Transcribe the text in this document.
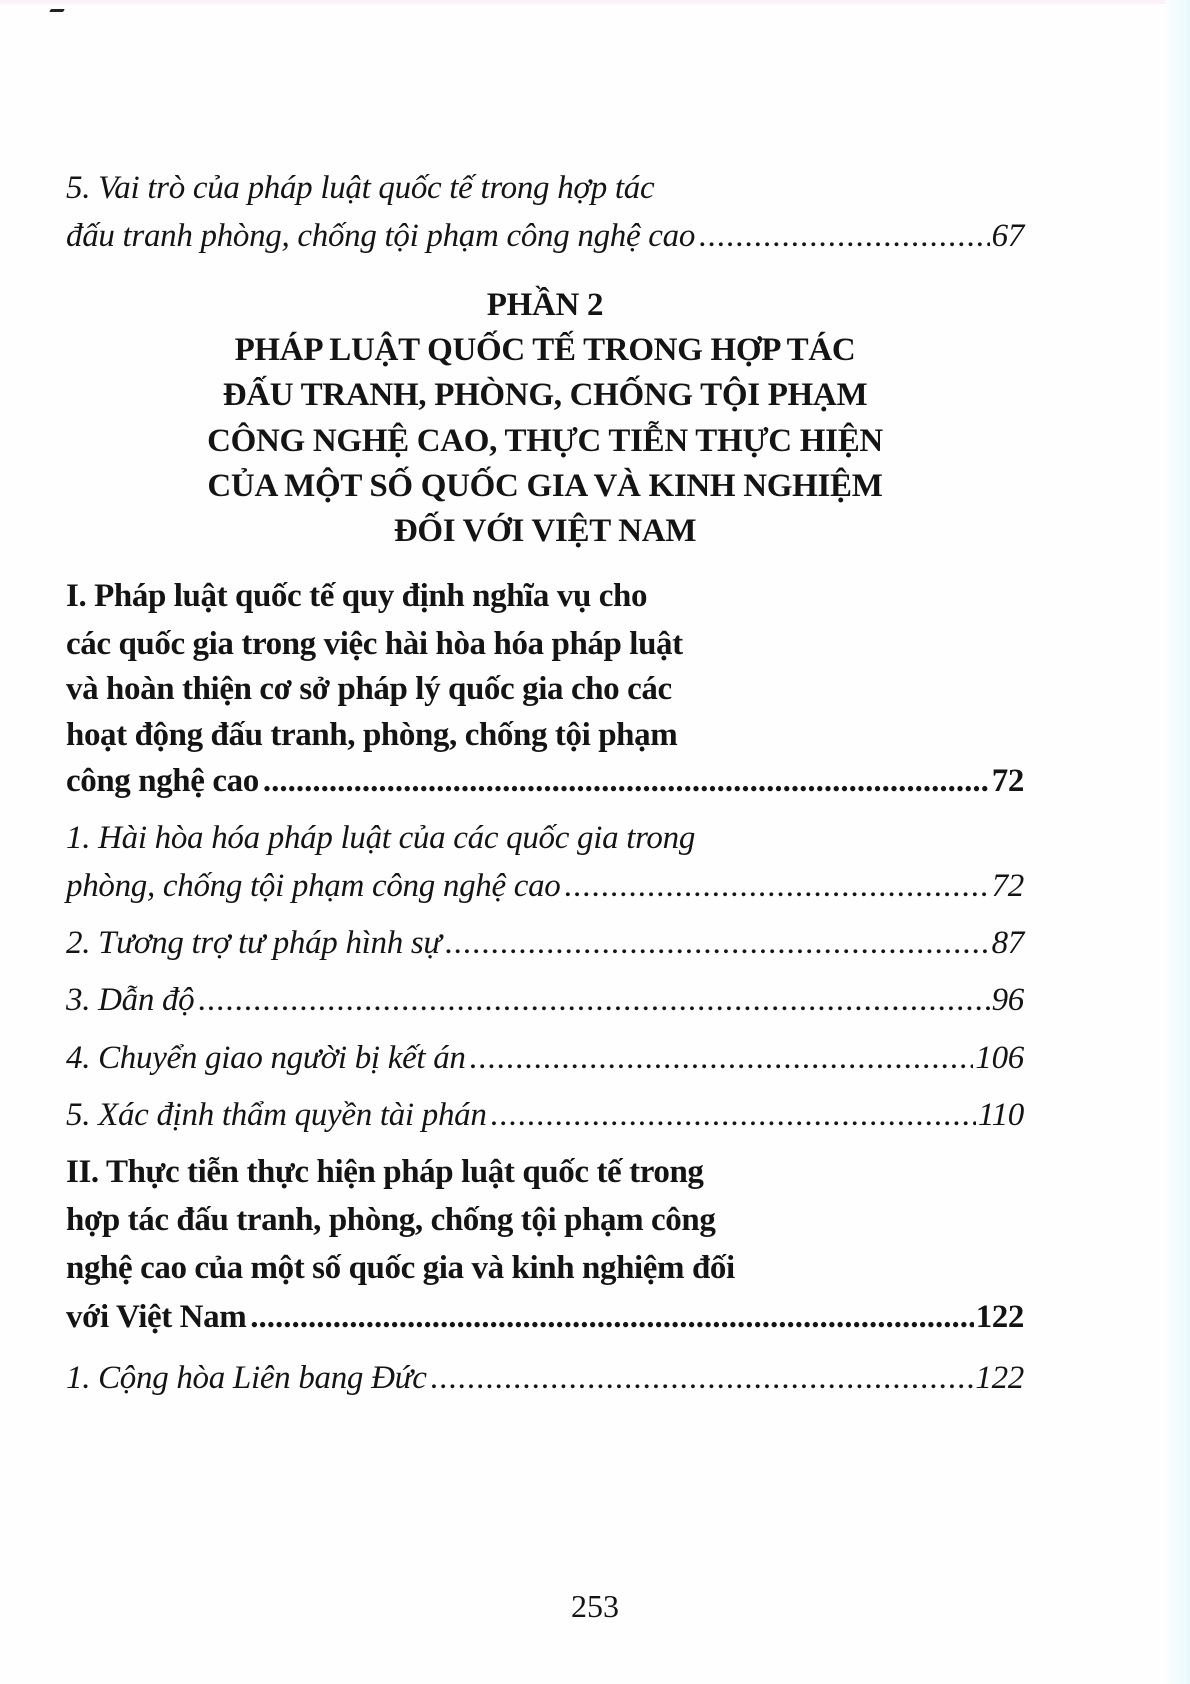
5. Vai trò của pháp luật quốc tế trong hợp tác
đấu tranh phòng, chống tội phạm công nghệ cao .....	67
PHẦN 2
PHÁP LUẬT QUỐC TẾ TRONG HỢP TÁC
ĐẤU TRANH, PHÒNG, CHỐNG TỘI PHẠM
CÔNG NGHỆ CAO, THỰC TIỄN THỰC HIỆN
CỦA MỘT SỐ QUỐC GIA VÀ KINH NGHIỆM
ĐỐI VỚI VIỆT NAM
I. Pháp luật quốc tế quy định nghĩa vụ cho
các quốc gia trong việc hài hòa hóa pháp luật
và hoàn thiện cơ sở pháp lý quốc gia cho các
hoạt động đấu tranh, phòng, chống tội phạm
công nghệ cao .....	72
1. Hài hòa hóa pháp luật của các quốc gia trong
phòng, chống tội phạm công nghệ cao .....	72
2. Tương trợ tư pháp hình sự .....	87
3. Dẫn độ .....	96
4. Chuyển giao người bị kết án .....	106
5. Xác định thẩm quyền tài phán .....	110
II. Thực tiễn thực hiện pháp luật quốc tế trong
hợp tác đấu tranh, phòng, chống tội phạm công
nghệ cao của một số quốc gia và kinh nghiệm đối
với Việt Nam .....	122
1. Cộng hòa Liên bang Đức .....	122
253
